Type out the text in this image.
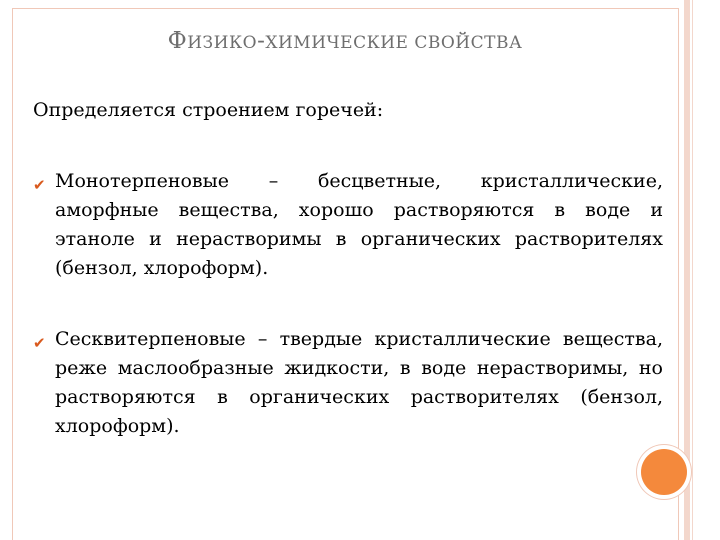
ФИЗИКО-ХИМИЧЕСКИЕ СВОЙСТВА
Определяется строением горечей:
✔ Монотерпеновые – бесцветные, кристаллические, аморфные вещества, хорошо растворяются в воде и этаноле и нерастворимы в органических растворителях (бензол, хлороформ).
✔ Сесквитерпеновые – твердые кристаллические вещества, реже маслообразные жидкости, в воде нерастворимы, но растворяются в органических растворителях (бензол, хлороформ).
